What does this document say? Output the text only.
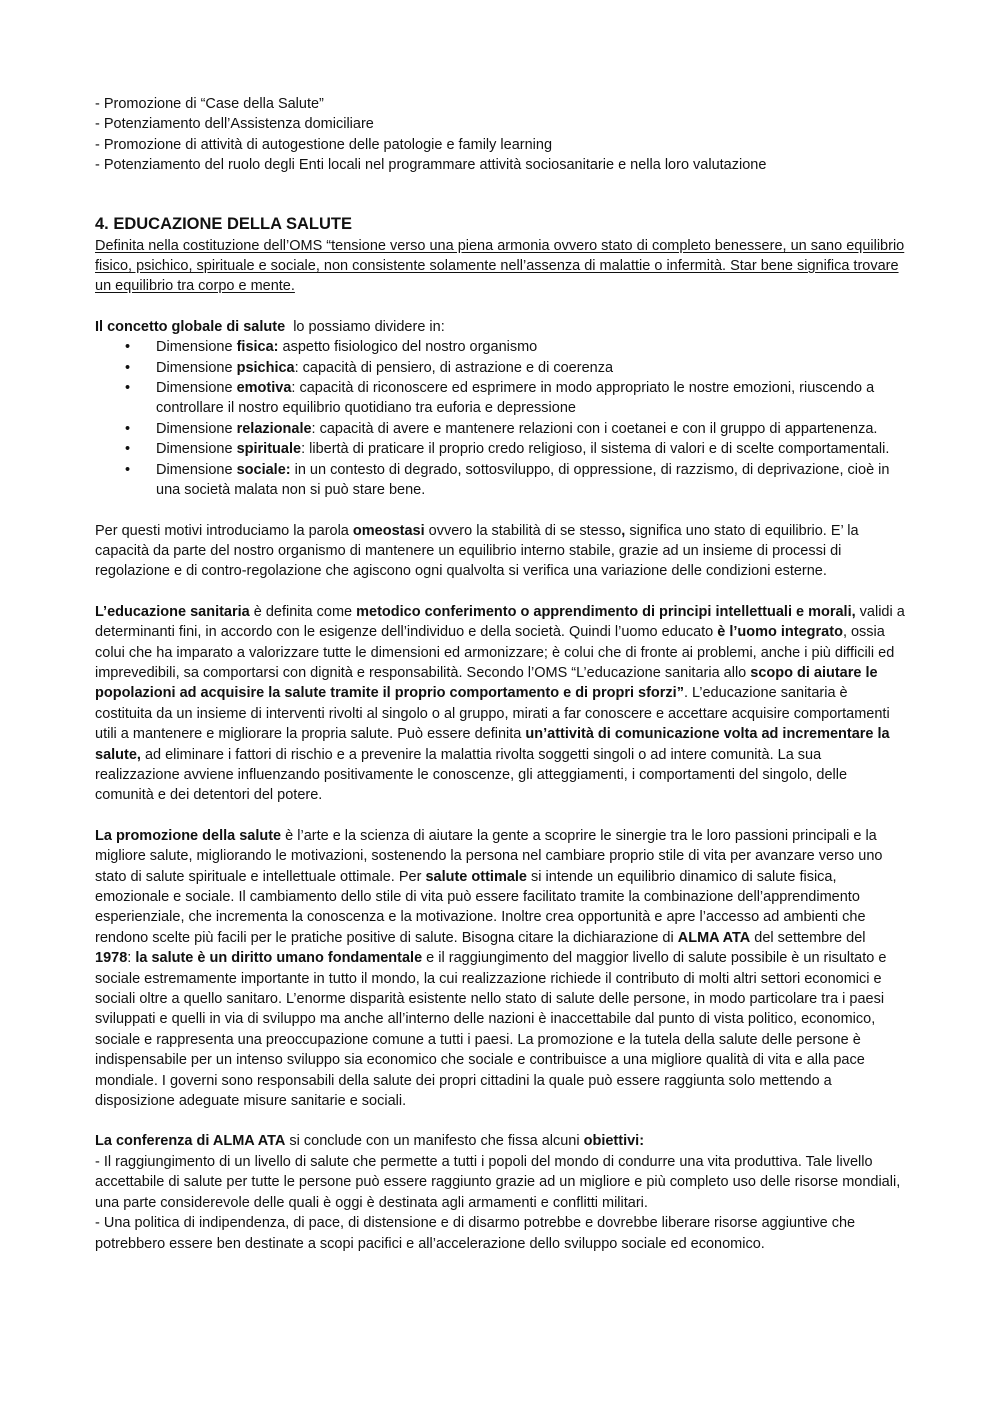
- Promozione di “Case della Salute”
- Potenziamento dell’Assistenza domiciliare
- Promozione di attività di autogestione delle patologie e family learning
- Potenziamento del ruolo degli Enti locali nel programmare attività sociosanitarie e nella loro valutazione
4. EDUCAZIONE DELLA SALUTE
Definita nella costituzione dell’OMS “tensione verso una piena armonia ovvero stato di completo benessere, un sano equilibrio fisico, psichico, spirituale e sociale, non consistente solamente nell’assenza di malattie o infermità. Star bene significa trovare un equilibrio tra corpo e mente.
Il concetto globale di salute  lo possiamo dividere in:
• Dimensione fisica: aspetto fisiologico del nostro organismo
• Dimensione psichica: capacità di pensiero, di astrazione e di coerenza
• Dimensione emotiva: capacità di riconoscere ed esprimere in modo appropriato le nostre emozioni, riuscendo a controllare il nostro equilibrio quotidiano tra euforia e depressione
• Dimensione relazionale: capacità di avere e mantenere relazioni con i coetanei e con il gruppo di appartenenza.
• Dimensione spirituale: libertà di praticare il proprio credo religioso, il sistema di valori e di scelte comportamentali.
• Dimensione sociale: in un contesto di degrado, sottosviluppo, di oppressione, di razzismo, di deprivazione, cioè in una società malata non si può stare bene.

Per questi motivi introduciamo la parola omeostasi ovvero la stabilità di se stesso, significa uno stato di equilibrio. E’ la capacità da parte del nostro organismo di mantenere un equilibrio interno stabile, grazie ad un insieme di processi di regolazione e di contro-regolazione che agiscono ogni qualvolta si verifica una variazione delle condizioni esterne.

L’educazione sanitaria è definita come metodico conferimento o apprendimento di principi intellettuali e morali, validi a determinanti fini, in accordo con le esigenze dell’individuo e della società. Quindi l’uomo educato è l’uomo integrato, ossia colui che ha imparato a valorizzare tutte le dimensioni ed armonizzare; è colui che di fronte ai problemi, anche i più difficili ed imprevedibili, sa comportarsi con dignità e responsabilità. Secondo l’OMS “L’educazione sanitaria allo scopo di aiutare le popolazioni ad acquisire la salute tramite il proprio comportamento e di propri sforzi”. L’educazione sanitaria è costituita da un insieme di interventi rivolti al singolo o al gruppo, mirati a far conoscere e accettare acquisire comportamenti utili a mantenere e migliorare la propria salute. Può essere definita un’attività di comunicazione volta ad incrementare la salute, ad eliminare i fattori di rischio e a prevenire la malattia rivolta soggetti singoli o ad intere comunità. La sua realizzazione avviene influenzando positivamente le conoscenze, gli atteggiamenti, i comportamenti del singolo, delle comunità e dei detentori del potere.

La promozione della salute è l’arte e la scienza di aiutare la gente a scoprire le sinergie tra le loro passioni principali e la migliore salute, migliorando le motivazioni, sostenendo la persona nel cambiare proprio stile di vita per avanzare verso uno stato di salute spirituale e intellettuale ottimale. Per salute ottimale si intende un equilibrio dinamico di salute fisica, emozionale e sociale. Il cambiamento dello stile di vita può essere facilitato tramite la combinazione dell’apprendimento esperienziale, che incrementa la conoscenza e la motivazione. Inoltre crea opportunità e apre l’accesso ad ambienti che rendono scelte più facili per le pratiche positive di salute. Bisogna citare la dichiarazione di ALMA ATA del settembre del 1978: la salute è un diritto umano fondamentale e il raggiungimento del maggior livello di salute possibile è un risultato e sociale estremamente importante in tutto il mondo, la cui realizzazione richiede il contributo di molti altri settori economici e sociali oltre a quello sanitaro. L’enorme disparità esistente nello stato di salute delle persone, in modo particolare tra i paesi sviluppati e quelli in via di sviluppo ma anche all’interno delle nazioni è inaccettabile dal punto di vista politico, economico, sociale e rappresenta una preoccupazione comune a tutti i paesi. La promozione e la tutela della salute delle persone è indispensabile per un intenso sviluppo sia economico che sociale e contribuisce a una migliore qualità di vita e alla pace mondiale. I governi sono responsabili della salute dei propri cittadini la quale può essere raggiunta solo mettendo a disposizione adeguate misure sanitarie e sociali.

La conferenza di ALMA ATA si conclude con un manifesto che fissa alcuni obiettivi:
- Il raggiungimento di un livello di salute che permette a tutti i popoli del mondo di condurre una vita produttiva. Tale livello accettabile di salute per tutte le persone può essere raggiunto grazie ad un migliore e più completo uso delle risorse mondiali, una parte considerevole delle quali è oggi è destinata agli armamenti e conflitti militari.
- Una politica di indipendenza, di pace, di distensione e di disarmo potrebbe e dovrebbe liberare risorse aggiuntive che potrebbero essere ben destinate a scopi pacifici e all’accelerazione dello sviluppo sociale ed economico.
